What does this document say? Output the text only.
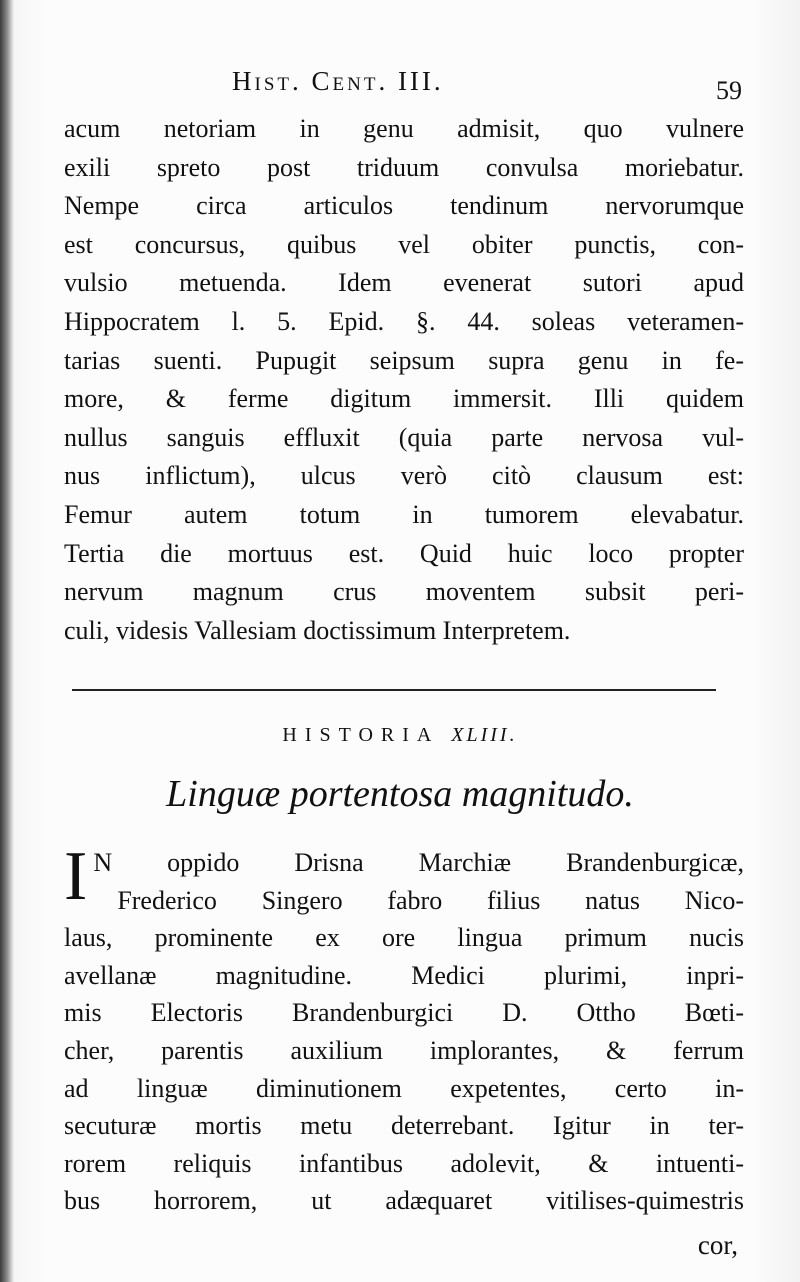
Hist. Cent. III.	59
acum netoriam in genu admisit, quo vulnere
exili spreto post triduum convulsa moriebatur.
Nempe circa articulos tendinum nervorumque
est concursus, quibus vel obiter punctis, con-
vulsio metuenda. Idem evenerat sutori apud
Hippocratem l. 5. Epid. §. 44. soleas veteramen-
tarias suenti. Pupugit seipsum supra genu in fe-
more, & ferme digitum immersit. Illi quidem
nullus sanguis effluxit (quia parte nervosa vul-
nus inflictum), ulcus verò citò clausum est:
Femur autem totum in tumorem elevabatur.
Tertia die mortuus est. Quid huic loco propter
nervum magnum crus moventem subsit peri-
culi, videsis Vallesiam doctissimum Interpretem.
HISTORIA XLIII.
Linguæ portentosa magnitudo.
I N oppido Drisna Marchiæ Brandenburgicæ,
Frederico Singero fabro filius natus Nico-
laus, prominente ex ore lingua primum nucis
avellanæ magnitudine. Medici plurimi, inpri-
mis Electoris Brandenburgici D. Ottho Bœti-
cher, parentis auxilium implorantes, & ferrum
ad linguæ diminutionem expetentes, certo in-
secuturæ mortis metu deterrebant. Igitur in ter-
rorem reliquis infantibus adolevit, & intuenti-
bus horrorem, ut adæquaret vitilises-quimestris
cor,
